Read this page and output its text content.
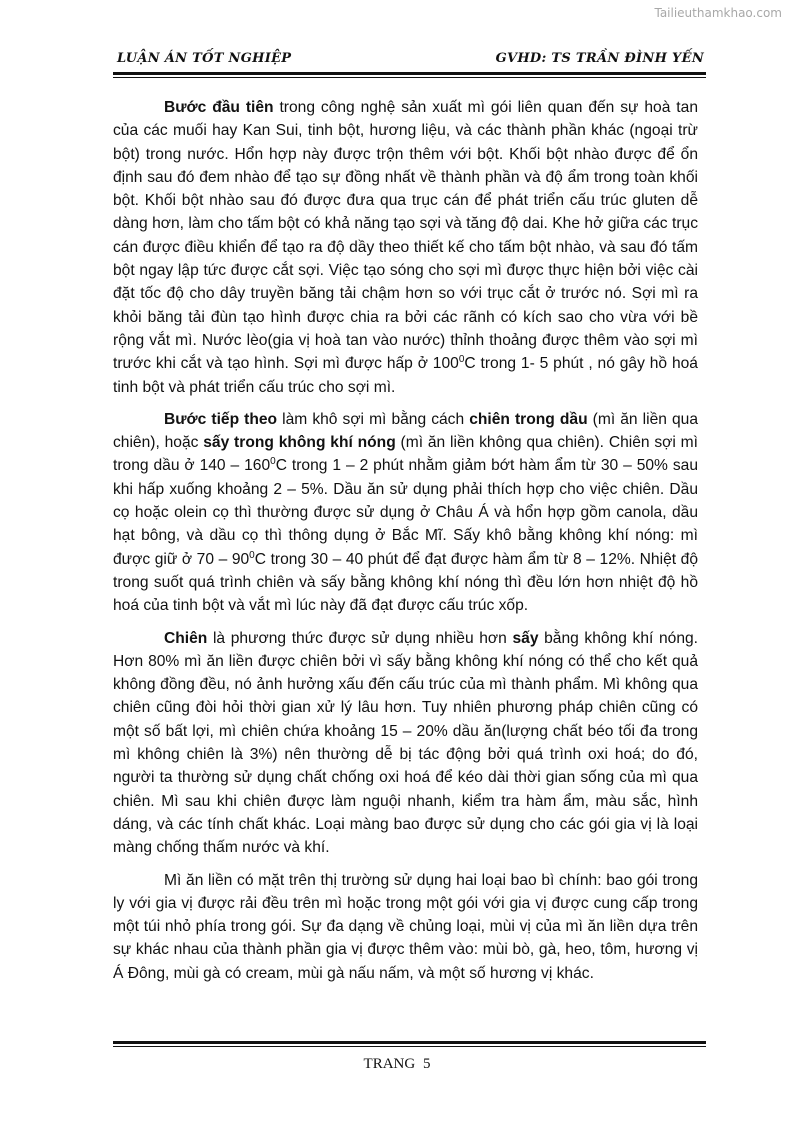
Tailieuthamkhao.com
LUẬN ÁN TỐT NGHIỆP	GVHD: TS TRẦN ĐÌNH YẾN

Bước đầu tiên trong công nghệ sản xuất mì gói liên quan đến sự hoà tan của các muối hay Kan Sui, tinh bột, hương liệu, và các thành phần khác (ngoại trừ bột) trong nước. Hổn hợp này được trộn thêm với bột. Khối bột nhào được để ổn định sau đó đem nhào để tạo sự đồng nhất về thành phần và độ ẩm trong toàn khối bột. Khối bột nhào sau đó được đưa qua trục cán để phát triển cấu trúc gluten dễ dàng hơn, làm cho tấm bột có khả năng tạo sợi và tăng độ dai. Khe hở giữa các trục cán được điều khiển để tạo ra độ dầy theo thiết kế cho tấm bột nhào, và sau đó tấm bột ngay lập tức được cắt sợi. Việc tạo sóng cho sợi mì được thực hiện bởi việc cài đặt tốc độ cho dây truyền băng tải chậm hơn so với trục cắt ở trước nó. Sợi mì ra khỏi băng tải đùn tạo hình được chia ra bởi các rãnh có kích sao cho vừa với bề rộng vắt mì. Nước lèo(gia vị hoà tan vào nước) thỉnh thoảng được thêm vào sợi mì trước khi cắt và tạo hình. Sợi mì được hấp ở $100^0C$ trong 1- 5 phút , nó gây hồ hoá tinh bột và phát triển cấu trúc cho sợi mì.

Bước tiếp theo làm khô sợi mì bằng cách chiên trong dầu (mì ăn liền qua chiên), hoặc sấy trong không khí nóng (mì ăn liền không qua chiên). Chiên sợi mì trong dầu ở $140 - 160^0C$ trong 1 – 2 phút nhằm giảm bớt hàm ẩm từ 30 – 50% sau khi hấp xuống khoảng 2 – 5%. Dầu ăn sử dụng phải thích hợp cho việc chiên. Dầu cọ hoặc olein cọ thì thường được sử dụng ở Châu Á và hổn hợp gồm canola, dầu hạt bông, và dầu cọ thì thông dụng ở Bắc Mĩ. Sấy khô bằng không khí nóng: mì được giữ ở $70 - 90^0C$ trong 30 – 40 phút để đạt được hàm ẩm từ 8 – 12%. Nhiệt độ trong suốt quá trình chiên và sấy bằng không khí nóng thì đều lớn hơn nhiệt độ hồ hoá của tinh bột và vắt mì lúc này đã đạt được cấu trúc xốp.

Chiên là phương thức được sử dụng nhiều hơn sấy bằng không khí nóng. Hơn 80% mì ăn liền được chiên bởi vì sấy bằng không khí nóng có thể cho kết quả không đồng đều, nó ảnh hưởng xấu đến cấu trúc của mì thành phẩm. Mì không qua chiên cũng đòi hỏi thời gian xử lý lâu hơn. Tuy nhiên phương pháp chiên cũng có một số bất lợi, mì chiên chứa khoảng 15 – 20% dầu ăn(lượng chất béo tối đa trong mì không chiên là 3%) nên thường dễ bị tác động bởi quá trình oxi hoá; do đó, người ta thường sử dụng chất chống oxi hoá để kéo dài thời gian sống của mì qua chiên. Mì sau khi chiên được làm nguội nhanh, kiểm tra hàm ẩm, màu sắc, hình dáng, và các tính chất khác. Loại màng bao được sử dụng cho các gói gia vị là loại màng chống thấm nước và khí.

Mì ăn liền có mặt trên thị trường sử dụng hai loại bao bì chính: bao gói trong ly với gia vị được rải đều trên mì hoặc trong một gói với gia vị được cung cấp trong một túi nhỏ phía trong gói. Sự đa dạng về chủng loại, mùi vị của mì ăn liền dựa trên sự khác nhau của thành phần gia vị được thêm vào: mùi bò, gà, heo, tôm, hương vị Á Đông, mùi gà có cream, mùi gà nấu nấm, và một số hương vị khác.

TRANG 5
